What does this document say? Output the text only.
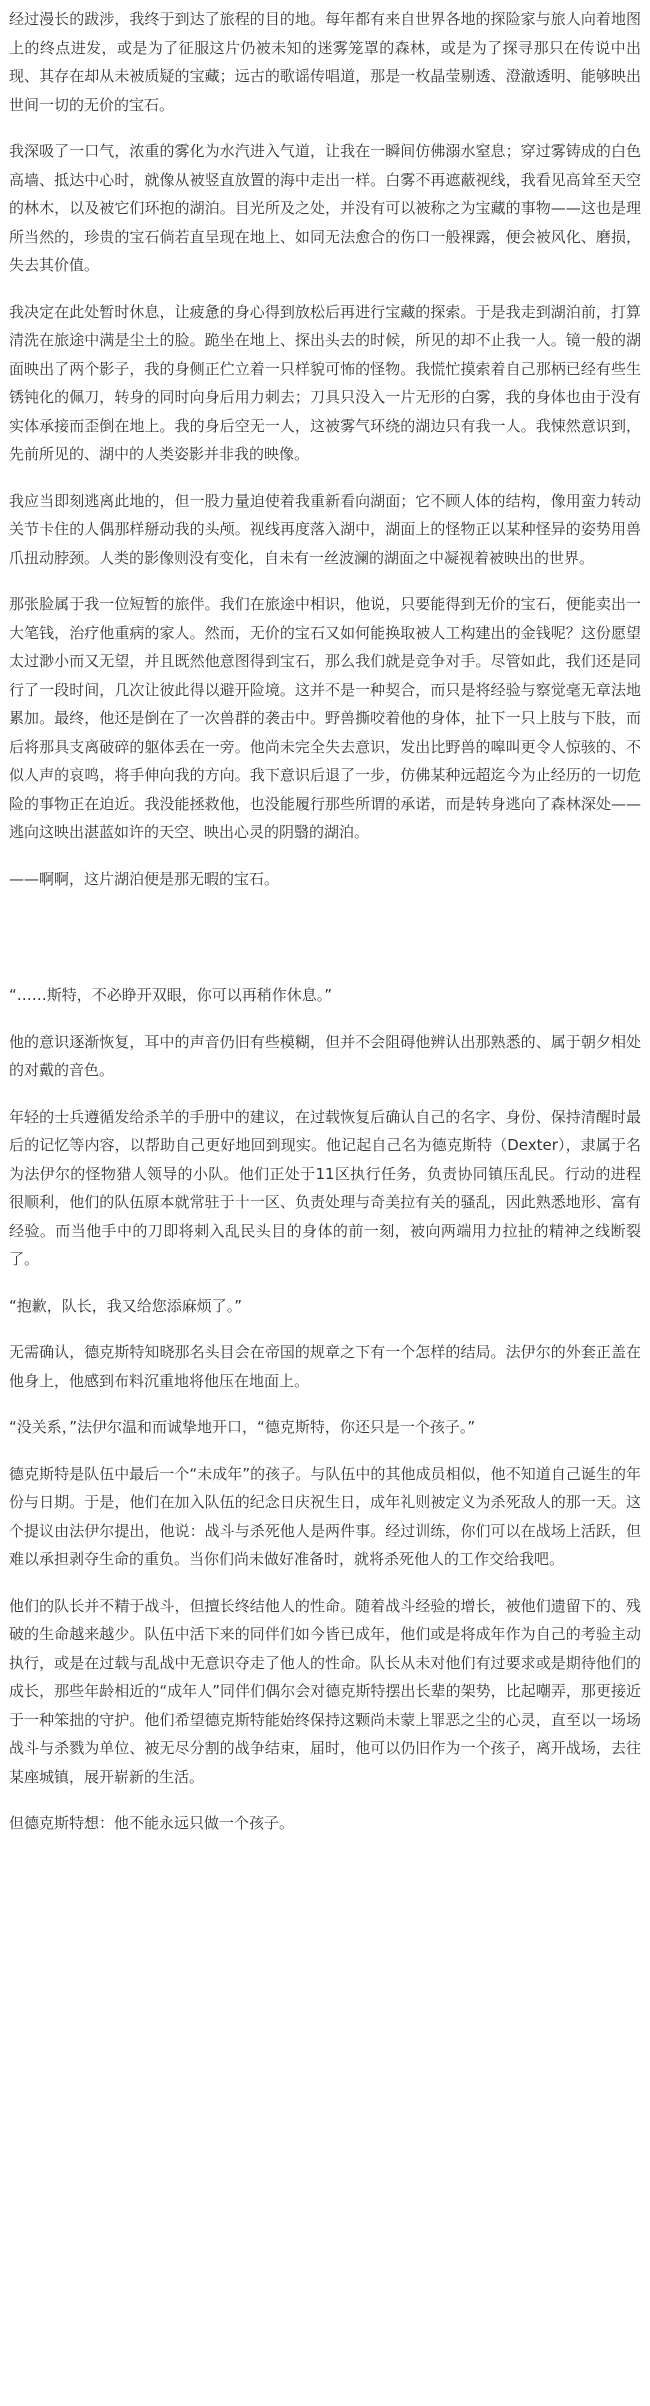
经过漫长的跋涉，我终于到达了旅程的目的地。每年都有来自世界各地的探险家与旅人向着地图上的终点进发，或是为了征服这片仍被未知的迷雾笼罩的森林，或是为了探寻那只在传说中出现、其存在却从未被质疑的宝藏；远古的歌谣传唱道，那是一枚晶莹剔透、澄澈透明、能够映出世间一切的无价的宝石。

我深吸了一口气，浓重的雾化为水汽进入气道，让我在一瞬间仿佛溺水窒息；穿过雾铸成的白色高墙、抵达中心时，就像从被竖直放置的海中走出一样。白雾不再遮蔽视线，我看见高耸至天空的林木，以及被它们环抱的湖泊。目光所及之处，并没有可以被称之为宝藏的事物——这也是理所当然的，珍贵的宝石倘若直呈现在地上、如同无法愈合的伤口一般裸露，便会被风化、磨损，失去其价值。

我决定在此处暂时休息，让疲惫的身心得到放松后再进行宝藏的探索。于是我走到湖泊前，打算清洗在旅途中满是尘土的脸。跪坐在地上、探出头去的时候，所见的却不止我一人。镜一般的湖面映出了两个影子，我的身侧正伫立着一只样貌可怖的怪物。我慌忙摸索着自己那柄已经有些生锈钝化的佩刀，转身的同时向身后用力刺去；刀具只没入一片无形的白雾，我的身体也由于没有实体承接而歪倒在地上。我的身后空无一人，这被雾气环绕的湖边只有我一人。我悚然意识到，先前所见的、湖中的人类姿影并非我的映像。

我应当即刻逃离此地的，但一股力量迫使着我重新看向湖面；它不顾人体的结构，像用蛮力转动关节卡住的人偶那样掰动我的头颅。视线再度落入湖中，湖面上的怪物正以某种怪异的姿势用兽爪扭动脖颈。人类的影像则没有变化，自未有一丝波澜的湖面之中凝视着被映出的世界。

那张脸属于我一位短暂的旅伴。我们在旅途中相识，他说，只要能得到无价的宝石，便能卖出一大笔钱，治疗他重病的家人。然而，无价的宝石又如何能换取被人工构建出的金钱呢？这份愿望太过渺小而又无望，并且既然他意图得到宝石，那么我们就是竞争对手。尽管如此，我们还是同行了一段时间，几次让彼此得以避开险境。这并不是一种契合，而只是将经验与察觉毫无章法地累加。最终，他还是倒在了一次兽群的袭击中。野兽撕咬着他的身体，扯下一只上肢与下肢，而后将那具支离破碎的躯体丢在一旁。他尚未完全失去意识，发出比野兽的嗥叫更令人惊骇的、不似人声的哀鸣，将手伸向我的方向。我下意识后退了一步，仿佛某种远超迄今为止经历的一切危险的事物正在迫近。我没能拯救他，也没能履行那些所谓的承诺，而是转身逃向了森林深处——逃向这映出湛蓝如许的天空、映出心灵的阴翳的湖泊。

——啊啊，这片湖泊便是那无暇的宝石。

“……斯特，不必睁开双眼，你可以再稍作休息。”

他的意识逐渐恢复，耳中的声音仍旧有些模糊，但并不会阻碍他辨认出那熟悉的、属于朝夕相处的对戴的音色。

年轻的士兵遵循发给杀羊的手册中的建议，在过载恢复后确认自己的名字、身份、保持清醒时最后的记忆等内容，以帮助自己更好地回到现实。他记起自己名为德克斯特（Dexter），隶属于名为法伊尔的怪物猎人领导的小队。他们正处于11区执行任务，负责协同镇压乱民。行动的进程很顺利，他们的队伍原本就常驻于十一区、负责处理与奇美拉有关的骚乱，因此熟悉地形、富有经验。而当他手中的刀即将刺入乱民头目的身体的前一刻，被向两端用力拉扯的精神之线断裂了。

“抱歉，队长，我又给您添麻烦了。”

无需确认，德克斯特知晓那名头目会在帝国的规章之下有一个怎样的结局。法伊尔的外套正盖在他身上，他感到布料沉重地将他压在地面上。

“没关系，”法伊尔温和而诚挚地开口，“德克斯特，你还只是一个孩子。”

德克斯特是队伍中最后一个“未成年”的孩子。与队伍中的其他成员相似，他不知道自己诞生的年份与日期。于是，他们在加入队伍的纪念日庆祝生日，成年礼则被定义为杀死敌人的那一天。这个提议由法伊尔提出，他说：战斗与杀死他人是两件事。经过训练，你们可以在战场上活跃，但难以承担剥夺生命的重负。当你们尚未做好准备时，就将杀死他人的工作交给我吧。

他们的队长并不精于战斗，但擅长终结他人的性命。随着战斗经验的增长，被他们遗留下的、残破的生命越来越少。队伍中活下来的同伴们如今皆已成年，他们或是将成年作为自己的考验主动执行，或是在过载与乱战中无意识夺走了他人的性命。队长从未对他们有过要求或是期待他们的成长，那些年龄相近的“成年人”同伴们偶尔会对德克斯特摆出长辈的架势，比起嘲弄，那更接近于一种笨拙的守护。他们希望德克斯特能始终保持这颗尚未蒙上罪恶之尘的心灵，直至以一场场战斗与杀戮为单位、被无尽分割的战争结束，届时，他可以仍旧作为一个孩子，离开战场，去往某座城镇，展开崭新的生活。

但德克斯特想：他不能永远只做一个孩子。
